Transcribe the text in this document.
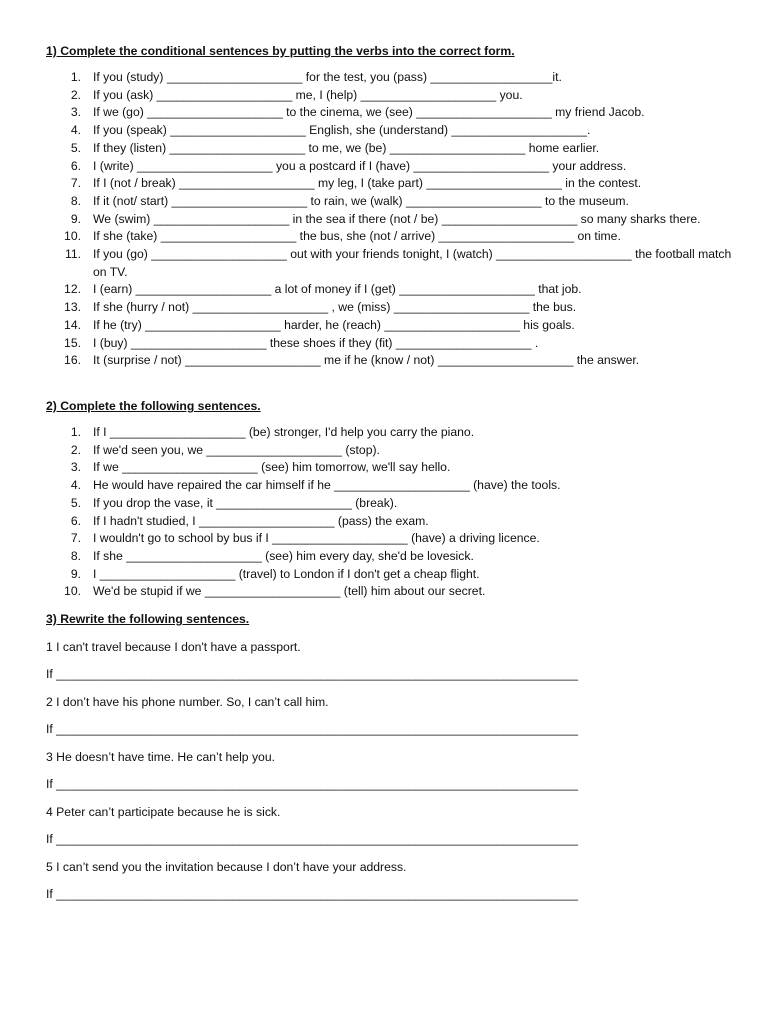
1) Complete the conditional sentences by putting the verbs into the correct form.
1. If you (study) ____________________ for the test, you (pass) __________________it.
2. If you (ask) ____________________ me, I (help) ____________________ you.
3. If we (go) ____________________ to the cinema, we (see) ____________________ my friend Jacob.
4. If you (speak) ____________________ English, she (understand) ____________________.
5. If they (listen) ____________________ to me, we (be) ____________________ home earlier.
6. I (write) ____________________ you a postcard if I (have) ____________________ your address.
7. If I (not / break) ____________________ my leg, I (take part) ____________________ in the contest.
8. If it (not/ start) ____________________ to rain, we (walk) ____________________ to the museum.
9. We (swim) ____________________ in the sea if there (not / be) ____________________ so many sharks there.
10. If she (take) ____________________ the bus, she (not / arrive) ____________________ on time.
11. If you (go) ____________________ out with your friends tonight, I (watch) ____________________ the football match on TV.
12. I (earn) ____________________ a lot of money if I (get) ____________________ that job.
13. If she (hurry / not) ____________________ , we (miss) ____________________ the bus.
14. If he (try) ____________________ harder, he (reach) ____________________ his goals.
15. I (buy) ____________________ these shoes if they (fit) ____________________ .
16. It (surprise / not) ____________________ me if he (know / not) ____________________ the answer.
2) Complete the following sentences.
1. If I ____________________ (be) stronger, I'd help you carry the piano.
2. If we'd seen you, we ____________________ (stop).
3. If we ____________________ (see) him tomorrow, we'll say hello.
4. He would have repaired the car himself if he ____________________ (have) the tools.
5. If you drop the vase, it ____________________ (break).
6. If I hadn't studied, I ____________________ (pass) the exam.
7. I wouldn't go to school by bus if I ____________________ (have) a driving licence.
8. If she ____________________ (see) him every day, she'd be lovesick.
9. I ____________________ (travel) to London if I don't get a cheap flight.
10. We'd be stupid if we ____________________ (tell) him about our secret.
3) Rewrite the following sentences.
1 I can't travel because I don't have a passport.
If _____________________________________________________________________________
2 I don’t have his phone number. So, I can’t call him.
If _____________________________________________________________________________
3 He doesn’t have time. He can’t help you.
If _____________________________________________________________________________
4 Peter can’t participate because he is sick.
If _____________________________________________________________________________
5 I can’t send you the invitation because I don’t have your address.
If _____________________________________________________________________________
